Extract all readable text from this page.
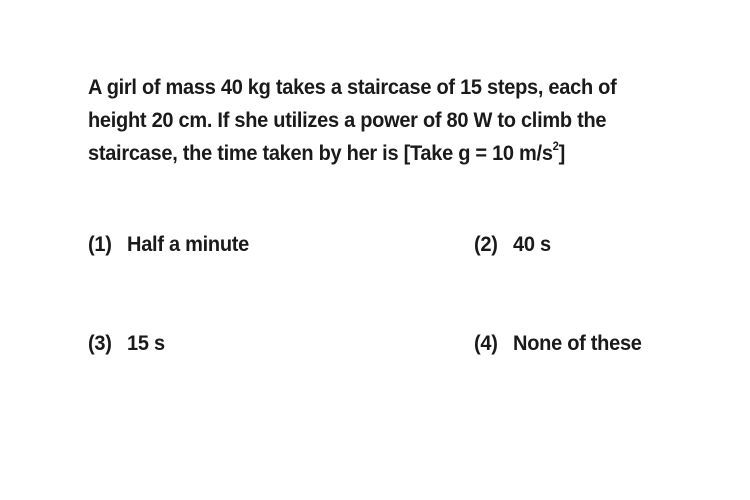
A girl of mass 40 kg takes a staircase of 15 steps, each of
height 20 cm. If she utilizes a power of 80 W to climb the
staircase, the time taken by her is [Take g = 10 $m/s^2$]
(1) Half a minute	(2) 40 s
(3) 15 s	(4) None of these
